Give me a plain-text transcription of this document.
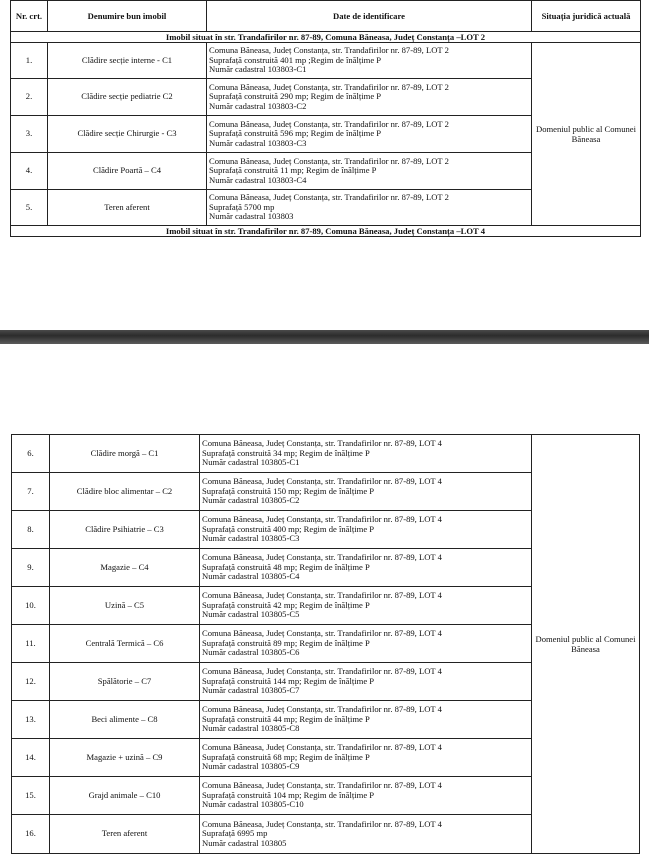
Nr. crt.	Denumire bun imobil	Date de identificare	Situația juridică actuală
Imobil situat în str. Trandafirilor nr. 87-89, Comuna Băneasa, Județ Constanța –LOT 2			
1.	Clădire secție interne - C1	Comuna Băneasa, Județ Constanța, str. Trandafirilor nr. 87-89, LOT 2
Suprafață construită 401 mp ;Regim de înălțime P
Număr cadastral 103803-C1	Domeniul public al Comunei Băneasa
2.	Clădire secție pediatrie C2	Comuna Băneasa, Județ Constanța, str. Trandafirilor nr. 87-89, LOT 2
Suprafață construită 290 mp; Regim de înălțime P
Număr cadastral 103803-C2	

3.	Clădire secție Chirurgie - C3	Comuna Băneasa, Județ Constanța, str. Trandafirilor nr. 87-89, LOT 2
Suprafață construită 596 mp; Regim de înălțime P
Număr cadastral 103803-C3	

4.	Clădire Poartă – C4	Comuna Băneasa, Județ Constanța, str. Trandafirilor nr. 87-89, LOT 2
Suprafață construită 11 mp; Regim de înălțime P
Număr cadastral 103803-C4	

5.	Teren aferent	Comuna Băneasa, Județ Constanța, str. Trandafirilor nr. 87-89, LOT 2
Suprafață 5700 mp
Număr cadastral 103803	

Imobil situat în str. Trandafirilor nr. 87-89, Comuna Băneasa, Județ Constanța –LOT 4			
6.	Clădire morgă – C1	Comuna Băneasa, Județ Constanța, str. Trandafirilor nr. 87-89, LOT 4
Suprafață construită 34 mp; Regim de înălțime P
Număr cadastral 103805-C1	Domeniul public al Comunei Băneasa
7.	Clădire bloc alimentar – C2	Comuna Băneasa, Județ Constanța, str. Trandafirilor nr. 87-89, LOT 4
Suprafață construită 150 mp; Regim de înălțime P
Număr cadastral 103805-C2	

8.	Clădire Psihiatrie – C3	Comuna Băneasa, Județ Constanța, str. Trandafirilor nr. 87-89, LOT 4
Suprafață construită 400 mp; Regim de înălțime P
Număr cadastral 103805-C3	

9.	Magazie – C4	Comuna Băneasa, Județ Constanța, str. Trandafirilor nr. 87-89, LOT 4
Suprafață construită 48 mp; Regim de înălțime P
Număr cadastral 103805-C4	

10.	Uzină – C5	Comuna Băneasa, Județ Constanța, str. Trandafirilor nr. 87-89, LOT 4
Suprafață construită 42 mp; Regim de înălțime P
Număr cadastral 103805-C5	

11.	Centrală Termică – C6	Comuna Băneasa, Județ Constanța, str. Trandafirilor nr. 87-89, LOT 4
Suprafață construită 89 mp; Regim de înălțime P
Număr cadastral 103805-C6	

12.	Spălătorie – C7	Comuna Băneasa, Județ Constanța, str. Trandafirilor nr. 87-89, LOT 4
Suprafață construită 144 mp; Regim de înălțime P
Număr cadastral 103805-C7	

13.	Beci alimente – C8	Comuna Băneasa, Județ Constanța, str. Trandafirilor nr. 87-89, LOT 4
Suprafață construită 44 mp; Regim de înălțime P
Număr cadastral 103805-C8	

14.	Magazie + uzină – C9	Comuna Băneasa, Județ Constanța, str. Trandafirilor nr. 87-89, LOT 4
Suprafață construită 68 mp; Regim de înălțime P
Număr cadastral 103805-C9	

15.	Grajd animale – C10	Comuna Băneasa, Județ Constanța, str. Trandafirilor nr. 87-89, LOT 4
Suprafață construită 104 mp; Regim de înălțime P
Număr cadastral 103805-C10	

16.	Teren aferent	Comuna Băneasa, Județ Constanța, str. Trandafirilor nr. 87-89, LOT 4
Suprafață 6995 mp
Număr cadastral 103805	
